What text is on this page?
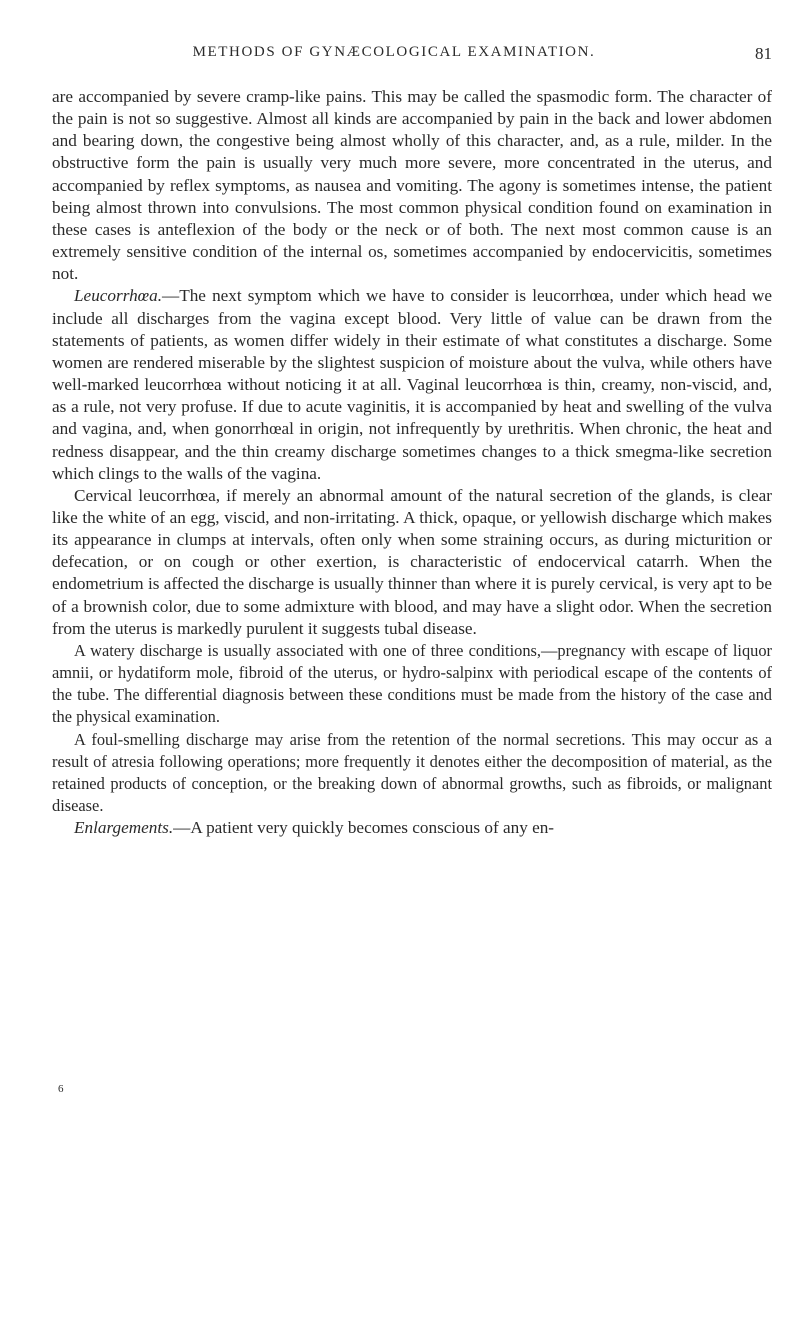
METHODS OF GYNÆCOLOGICAL EXAMINATION.	81

are accompanied by severe cramp-like pains. This may be called the spasmodic form. The character of the pain is not so suggestive. Almost all kinds are accompanied by pain in the back and lower abdomen and bearing down, the congestive being almost wholly of this character, and, as a rule, milder. In the obstructive form the pain is usually very much more severe, more concentrated in the uterus, and accompanied by reflex symptoms, as nausea and vomiting. The agony is sometimes intense, the patient being almost thrown into convulsions. The most common physical condition found on examination in these cases is anteflexion of the body or the neck or of both. The next most common cause is an extremely sensitive condition of the internal os, sometimes accompanied by endocervicitis, sometimes not.

Leucorrhœa.—The next symptom which we have to consider is leucorrhœa, under which head we include all discharges from the vagina except blood. Very little of value can be drawn from the statements of patients, as women differ widely in their estimate of what constitutes a discharge. Some women are rendered miserable by the slightest suspicion of moisture about the vulva, while others have well-marked leucorrhœa without noticing it at all. Vaginal leucorrhœa is thin, creamy, non-viscid, and, as a rule, not very profuse. If due to acute vaginitis, it is accompanied by heat and swelling of the vulva and vagina, and, when gonorrhœal in origin, not infrequently by urethritis. When chronic, the heat and redness disappear, and the thin creamy discharge sometimes changes to a thick smegma-like secretion which clings to the walls of the vagina.

Cervical leucorrhœa, if merely an abnormal amount of the natural secretion of the glands, is clear like the white of an egg, viscid, and non-irritating. A thick, opaque, or yellowish discharge which makes its appearance in clumps at intervals, often only when some straining occurs, as during micturition or defecation, or on cough or other exertion, is characteristic of endocervical catarrh. When the endometrium is affected the discharge is usually thinner than where it is purely cervical, is very apt to be of a brownish color, due to some admixture with blood, and may have a slight odor. When the secretion from the uterus is markedly purulent it suggests tubal disease.

A watery discharge is usually associated with one of three conditions,—pregnancy with escape of liquor amnii, or hydatiform mole, fibroid of the uterus, or hydro-salpinx with periodical escape of the contents of the tube. The differential diagnosis between these conditions must be made from the history of the case and the physical examination.

A foul-smelling discharge may arise from the retention of the normal secretions. This may occur as a result of atresia following operations; more frequently it denotes either the decomposition of material, as the retained products of conception, or the breaking down of abnormal growths, such as fibroids, or malignant disease.

Enlargements.—A patient very quickly becomes conscious of any en-

6
